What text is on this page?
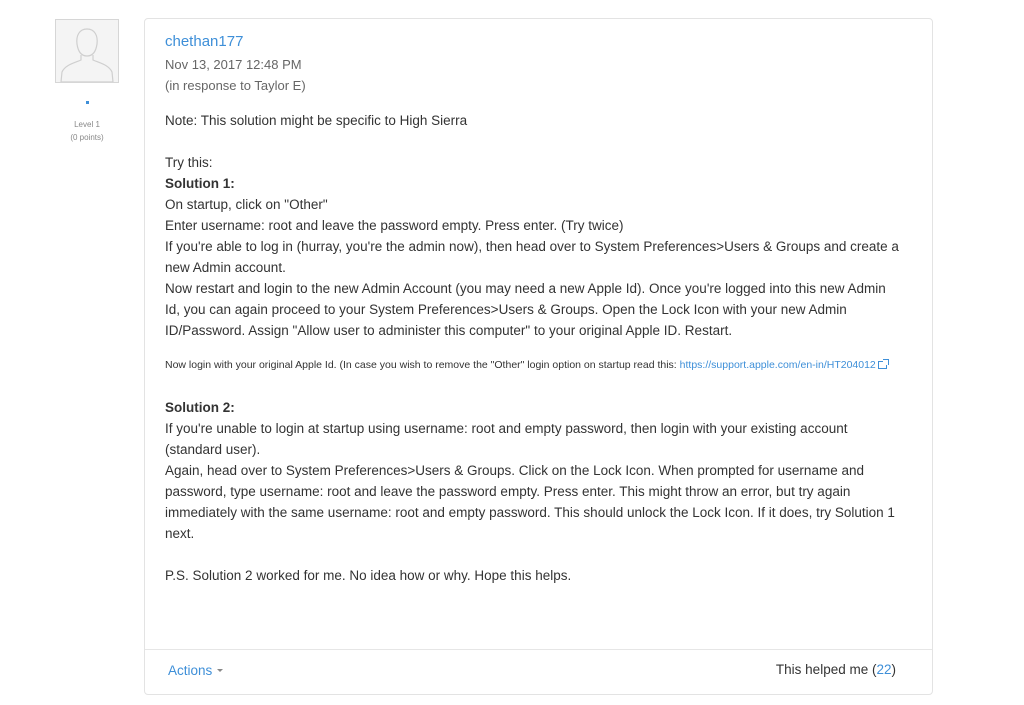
Level 1
(0 points)
chethan177
Nov 13, 2017 12:48 PM
(in response to Taylor E)

Note: This solution might be specific to High Sierra

Try this:

Solution 1:

On startup, click on "Other"

Enter username: root and leave the password empty. Press enter. (Try twice)

If you're able to log in (hurray, you're the admin now), then head over to System Preferences>Users & Groups and create a new Admin account.

Now restart and login to the new Admin Account (you may need a new Apple Id). Once you're logged into this new Admin Id, you can again proceed to your System Preferences>Users & Groups. Open the Lock Icon with your new Admin ID/Password. Assign "Allow user to administer this computer" to your original Apple ID. Restart.

Now login with your original Apple Id. (In case you wish to remove the "Other" login option on startup read this: https://support.apple.com/en-in/HT204012

Solution 2:

If you're unable to login at startup using username: root and empty password, then login with your existing account (standard user).

Again, head over to System Preferences>Users & Groups. Click on the Lock Icon. When prompted for username and password, type username: root and leave the password empty. Press enter. This might throw an error, but try again immediately with the same username: root and empty password. This should unlock the Lock Icon. If it does, try Solution 1 next.

P.S. Solution 2 worked for me. No idea how or why. Hope this helps.

Actions	This helped me (22)
